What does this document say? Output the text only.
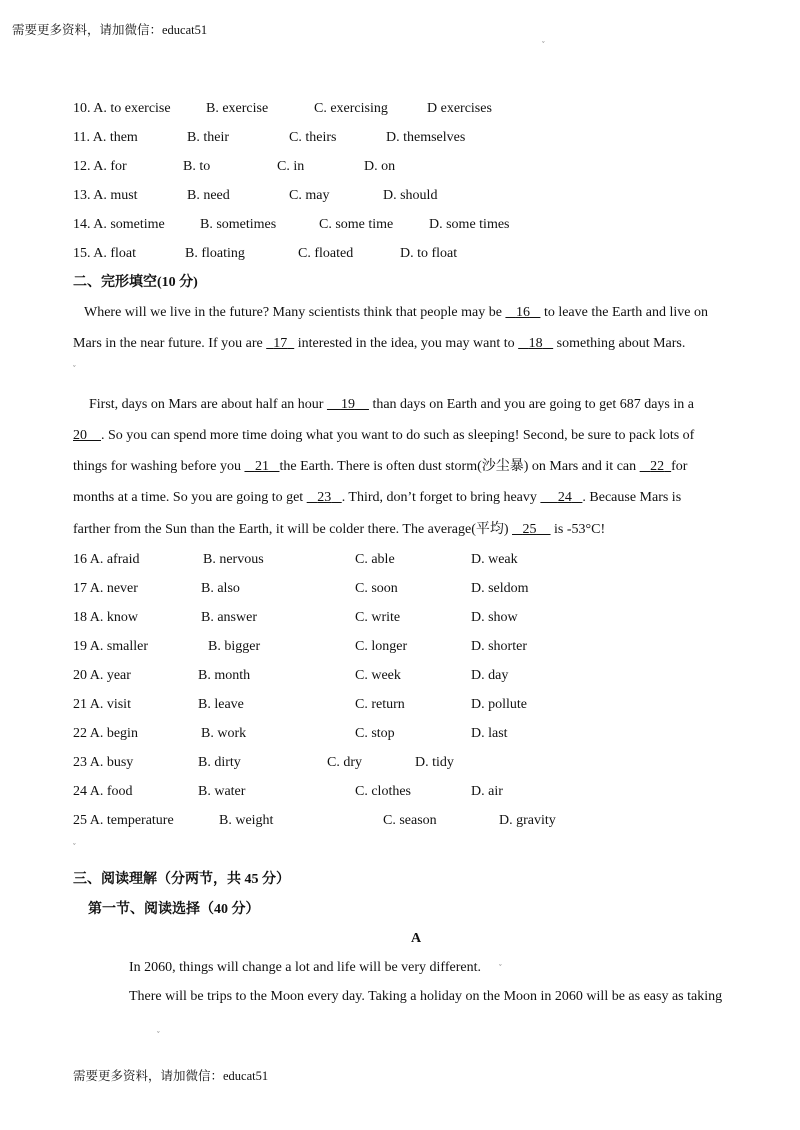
需要更多资料，请加微信：educat51
ˇ
10. A. to exercise	B. exercise	C. exercising	D exercises
11. A. them	B. their	C. theirs	D. themselves
12. A. for	B. to	C. in	D. on
13. A. must	B. need	C. may	D. should
14. A. sometime	B. sometimes	C. some time	D. some times
15. A. float	B. floating	C. floated	D. to float
二、完形填空(10 分)
Where will we live in the future? Many scientists think that people may be    16    to leave the Earth and live on
Mars in the near future. If you are   17   interested in the idea, you may want to    18    something about Mars.
ˇ
First, days on Mars are about half an hour     19     than days on Earth and you are going to get 687 days in a
20 . So you can spend more time doing what you want to do such as sleeping! Second, be sure to pack lots of
things for washing before you    21 the Earth. There is often dust storm(沙尘暴) on Mars and it can    22 for
months at a time. So you are going to get    23 . Third, don’t forget to bring heavy      24 . Because Mars is
farther from the Sun than the Earth, it will be colder there. The average(平均)    25     is -53°C!
16 A. afraid	B. nervous	C. able	D. weak
17 A. never	B. also	C. soon	D. seldom
18 A. know	B. answer	C. write	D. show
19 A. smaller	B. bigger	C. longer	D. shorter
20 A. year	B. month	C. week	D. day
21 A. visit	B. leave	C. return	D. pollute
22 A. begin	B. work	C. stop	D. last
23 A. busy	B. dirty	C. dry	D. tidy
24 A. food	B. water	C. clothes	D. air
25 A. temperature	B. weight	C. season	D. gravity
ˇ
三、阅读理解（分两节，共 45 分）
第一节、阅读选择（40 分）
A
In 2060, things will change a lot and life will be very different. ˇ
There will be trips to the Moon every day. Taking a holiday on the Moon in 2060 will be as easy as taking
ˇ
需要更多资料，请加微信：educat51
